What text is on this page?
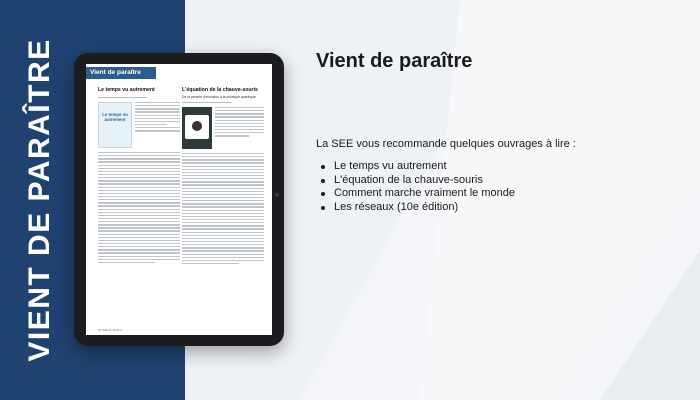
VIENT DE PARAÎTRE	Vient de paraître
Le temps vu autrement
Le temps vu autrement
L'équation de la chauve-souris
De la pensée d'évolution à la physique quantique
82 REE N°2023-2
Vient de paraître
La SEE vous recommande quelques ouvrages à lire :
Le temps vu autrement
L'équation de la chauve-souris
Comment marche vraiment le monde
Les réseaux (10e édition)
